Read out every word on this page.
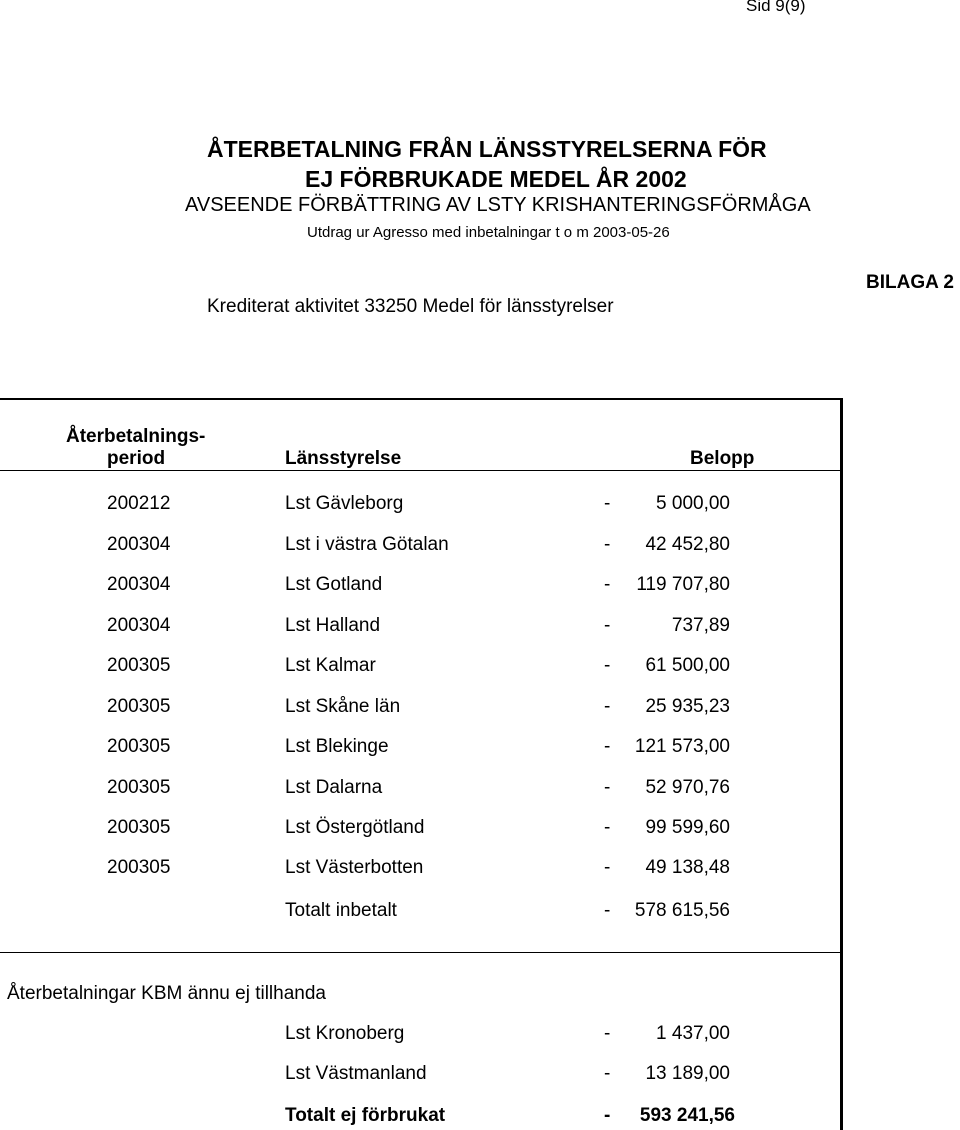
Sid 9(9)
ÅTERBETALNING FRÅN LÄNSSTYRELSERNA FÖR
EJ FÖRBRUKADE MEDEL ÅR 2002
AVSEENDE FÖRBÄTTRING AV LSTY KRISHANTERINGSFÖRMÅGA
Utdrag ur Agresso med inbetalningar t o m 2003-05-26
Krediterat aktivitet 33250 Medel för länsstyrelser
BILAGA 2
Återbetalnings-
period	Länsstyrelse	Belopp
200212	Lst Gävleborg	- 5 000,00
200304	Lst i västra Götalan	- 42 452,80
200304	Lst Gotland	- 119 707,80
200304	Lst Halland	-	737,89
200305	Lst Kalmar	- 61 500,00
200305	Lst Skåne län	- 25 935,23
200305	Lst Blekinge	- 121 573,00
200305	Lst Dalarna	- 52 970,76
200305	Lst Östergötland	- 99 599,60
200305	Lst Västerbotten	- 49 138,48
Totalt inbetalt	- 578 615,56
Återbetalningar KBM ännu ej tillhanda
Lst Kronoberg	- 1 437,00
Lst Västmanland	- 13 189,00
Totalt ej förbrukat	- 593 241,56
